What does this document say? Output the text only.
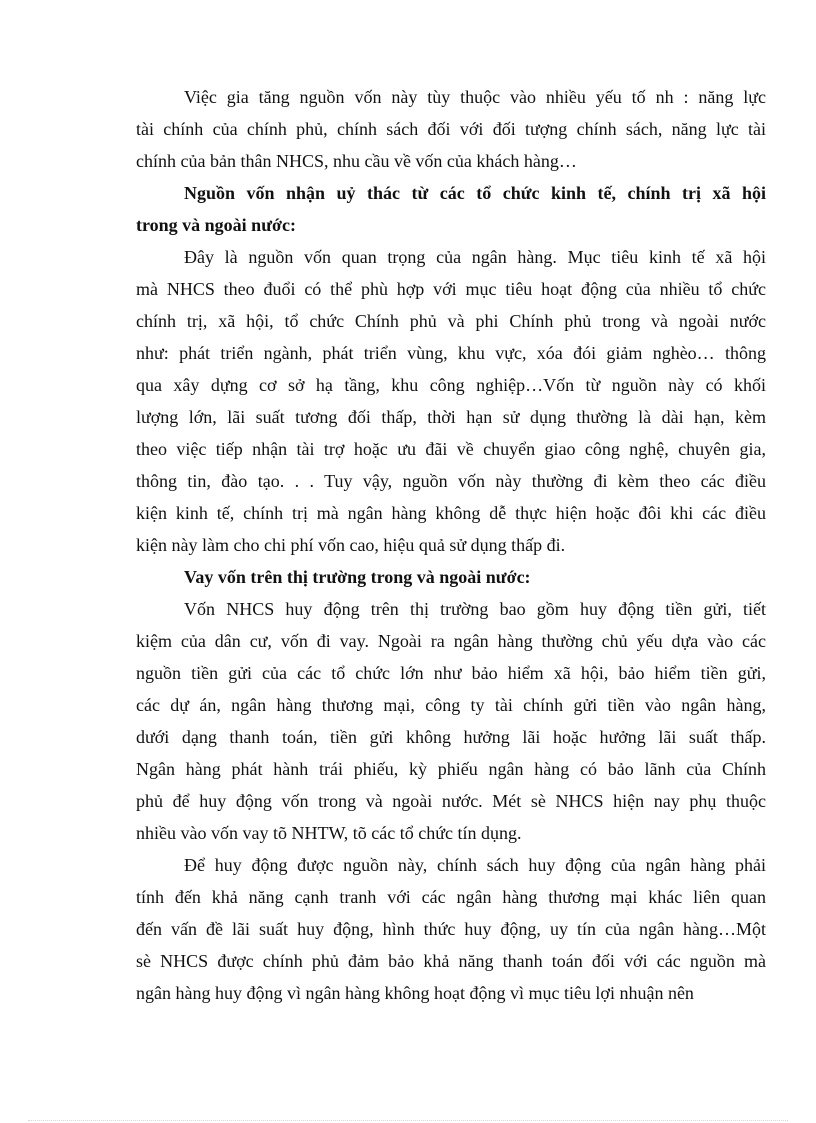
Việc gia tăng nguồn vốn này tùy thuộc vào nhiều yếu tố nh : năng lực
tài chính của chính phủ, chính sách đối với đối tượng chính sách, năng lực tài
chính của bản thân NHCS, nhu cầu về vốn của khách hàng…
Nguồn vốn nhận uỷ thác từ các tổ chức kinh tế, chính trị xã hội
trong và ngoài nước:
Đây là nguồn vốn quan trọng của ngân hàng. Mục tiêu kinh tế xã hội
mà NHCS theo đuổi có thể phù hợp với mục tiêu hoạt động của nhiều tổ chức
chính trị, xã hội, tổ chức Chính phủ và phi Chính phủ trong và ngoài nước
như: phát triển ngành, phát triển vùng, khu vực, xóa đói giảm nghèo… thông
qua xây dựng cơ sở hạ tầng, khu công nghiệp…Vốn từ nguồn này có khối
lượng lớn, lãi suất tương đối thấp, thời hạn sử dụng thường là dài hạn, kèm
theo việc tiếp nhận tài trợ hoặc ưu đãi về chuyển giao công nghệ, chuyên gia,
thông tin, đào tạo. . . Tuy vậy, nguồn vốn này thường đi kèm theo các điều
kiện kinh tế, chính trị mà ngân hàng không dễ thực hiện hoặc đôi khi các điều
kiện này làm cho chi phí vốn cao, hiệu quả sử dụng thấp đi.
Vay vốn trên thị trường trong và ngoài nước:
Vốn NHCS huy động trên thị trường bao gồm huy động tiền gửi, tiết
kiệm của dân cư, vốn đi vay. Ngoài ra ngân hàng thường chủ yếu dựa vào các
nguồn tiền gửi của các tổ chức lớn như bảo hiểm xã hội, bảo hiểm tiền gửi,
các dự án, ngân hàng thương mại, công ty tài chính gửi tiền vào ngân hàng,
dưới dạng thanh toán, tiền gửi không hưởng lãi hoặc hưởng lãi suất thấp.
Ngân hàng phát hành trái phiếu, kỳ phiếu ngân hàng có bảo lãnh của Chính
phủ để huy động vốn trong và ngoài nước. Mét sè NHCS hiện nay phụ thuộc
nhiều vào vốn vay tõ NHTW, tõ các tổ chức tín dụng.
Để huy động được nguồn này, chính sách huy động của ngân hàng phải
tính đến khả năng cạnh tranh với các ngân hàng thương mại khác liên quan
đến vấn đề lãi suất huy động, hình thức huy động, uy tín của ngân hàng…Một
sè NHCS được chính phủ đảm bảo khả năng thanh toán đối với các nguồn mà
ngân hàng huy động vì ngân hàng không hoạt động vì mục tiêu lợi nhuận nên
